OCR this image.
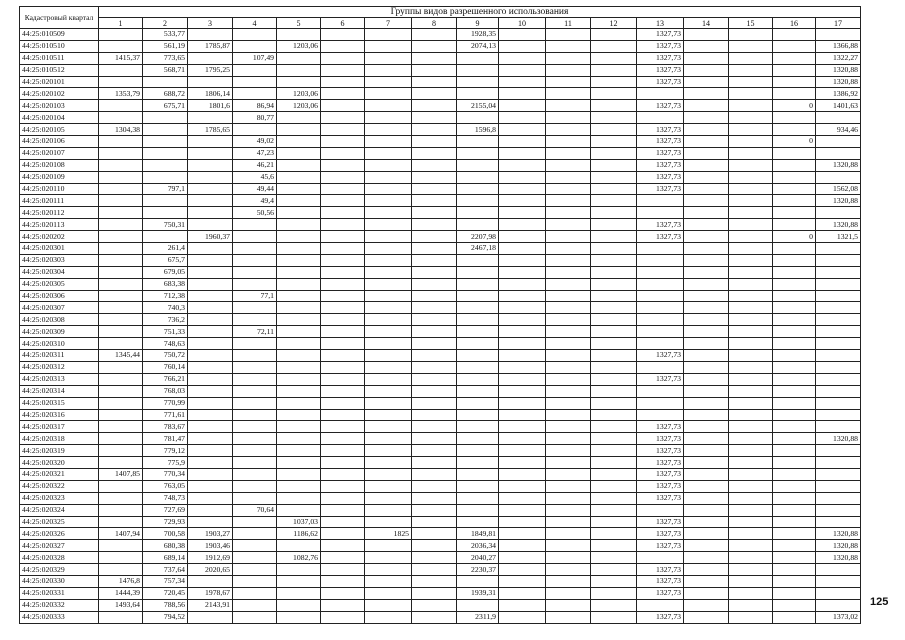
Кадастровый квартал	Группы видов разрешенного использования																
	1	2	3	4	5	6	7	8	9	10	11	12	13	14	15	16	17
44:25:010509		533,77							1928,35				1327,73				
44:25:010510		561,19	1785,87		1203,06				2074,13				1327,73				1366,88
44:25:010511	1415,37	773,65		107,49									1327,73				1322,27
44:25:010512		568,71	1795,25										1327,73				1320,88
44:25:020101													1327,73				1320,88
44:25:020102	1353,79	688,72	1806,14		1203,06												1386,92
44:25:020103		675,71	1801,6	86,94	1203,06				2155,04				1327,73			0	1401,63
44:25:020104				80,77													
44:25:020105	1304,38		1785,65						1596,8				1327,73				934,46
44:25:020106				49,02									1327,73			0	
44:25:020107				47,23									1327,73				
44:25:020108				46,21									1327,73				1320,88
44:25:020109				45,6									1327,73				
44:25:020110		797,1		49,44									1327,73				1562,08
44:25:020111				49,4													1320,88
44:25:020112				50,56													
44:25:020113		750,31											1327,73				1320,88
44:25:020202			1960,37						2207,98				1327,73			0	1321,5
44:25:020301		261,4							2467,18								
44:25:020303		675,7															
44:25:020304		679,05															
44:25:020305		683,38															
44:25:020306		712,38		77,1													
44:25:020307		740,3															
44:25:020308		736,2															
44:25:020309		751,33		72,11													
44:25:020310		748,63															
44:25:020311	1345,44	750,72											1327,73				
44:25:020312		760,14															
44:25:020313		766,21											1327,73				
44:25:020314		768,03															
44:25:020315		770,99															
44:25:020316		771,61															
44:25:020317		783,67											1327,73				
44:25:020318		781,47											1327,73				1320,88
44:25:020319		779,12											1327,73				
44:25:020320		775,9											1327,73				
44:25:020321	1407,85	770,34											1327,73				
44:25:020322		763,05											1327,73				
44:25:020323		748,73											1327,73				
44:25:020324		727,69		70,64													
44:25:020325		729,93			1037,03								1327,73				
44:25:020326	1407,94	700,58	1903,27		1186,62		1825		1849,81				1327,73				1320,88
44:25:020327		680,38	1903,46						2036,34				1327,73				1320,88
44:25:020328		689,14	1912,69		1082,76				2040,27								1320,88
44:25:020329		737,64	2020,65						2230,37				1327,73				
44:25:020330	1476,8	757,34											1327,73				
44:25:020331	1444,39	720,45	1978,67						1939,31				1327,73				
44:25:020332	1493,64	788,56	2143,91														
44:25:020333		794,52							2311,9				1327,73				1373,02
125
